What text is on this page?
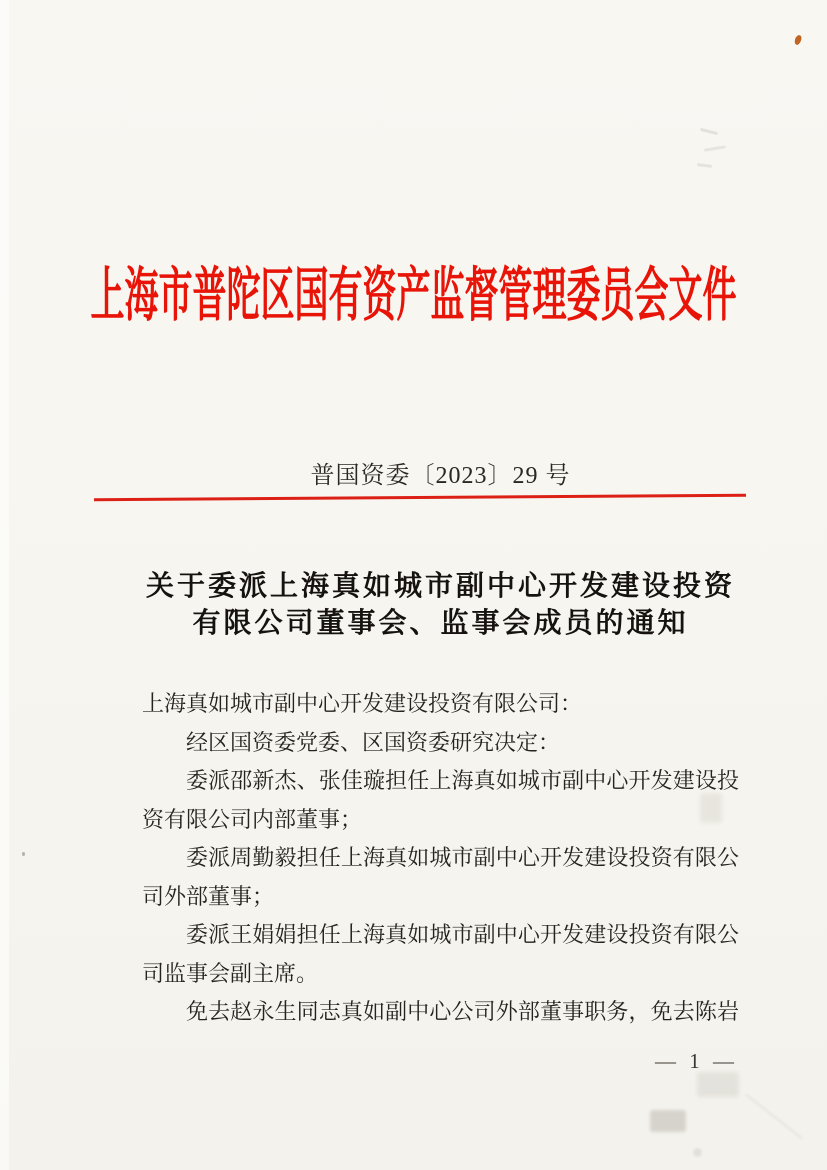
上海市普陀区国有资产监督管理委员会文件
普国资委〔2023〕29 号
关于委派上海真如城市副中心开发建设投资
有限公司董事会、监事会成员的通知
上海真如城市副中心开发建设投资有限公司：
经区国资委党委、区国资委研究决定：
委派邵新杰、张佳璇担任上海真如城市副中心开发建设投
资有限公司内部董事；
委派周勤毅担任上海真如城市副中心开发建设投资有限公
司外部董事；
委派王娟娟担任上海真如城市副中心开发建设投资有限公
司监事会副主席。
免去赵永生同志真如副中心公司外部董事职务，免去陈岩
— 1 —
